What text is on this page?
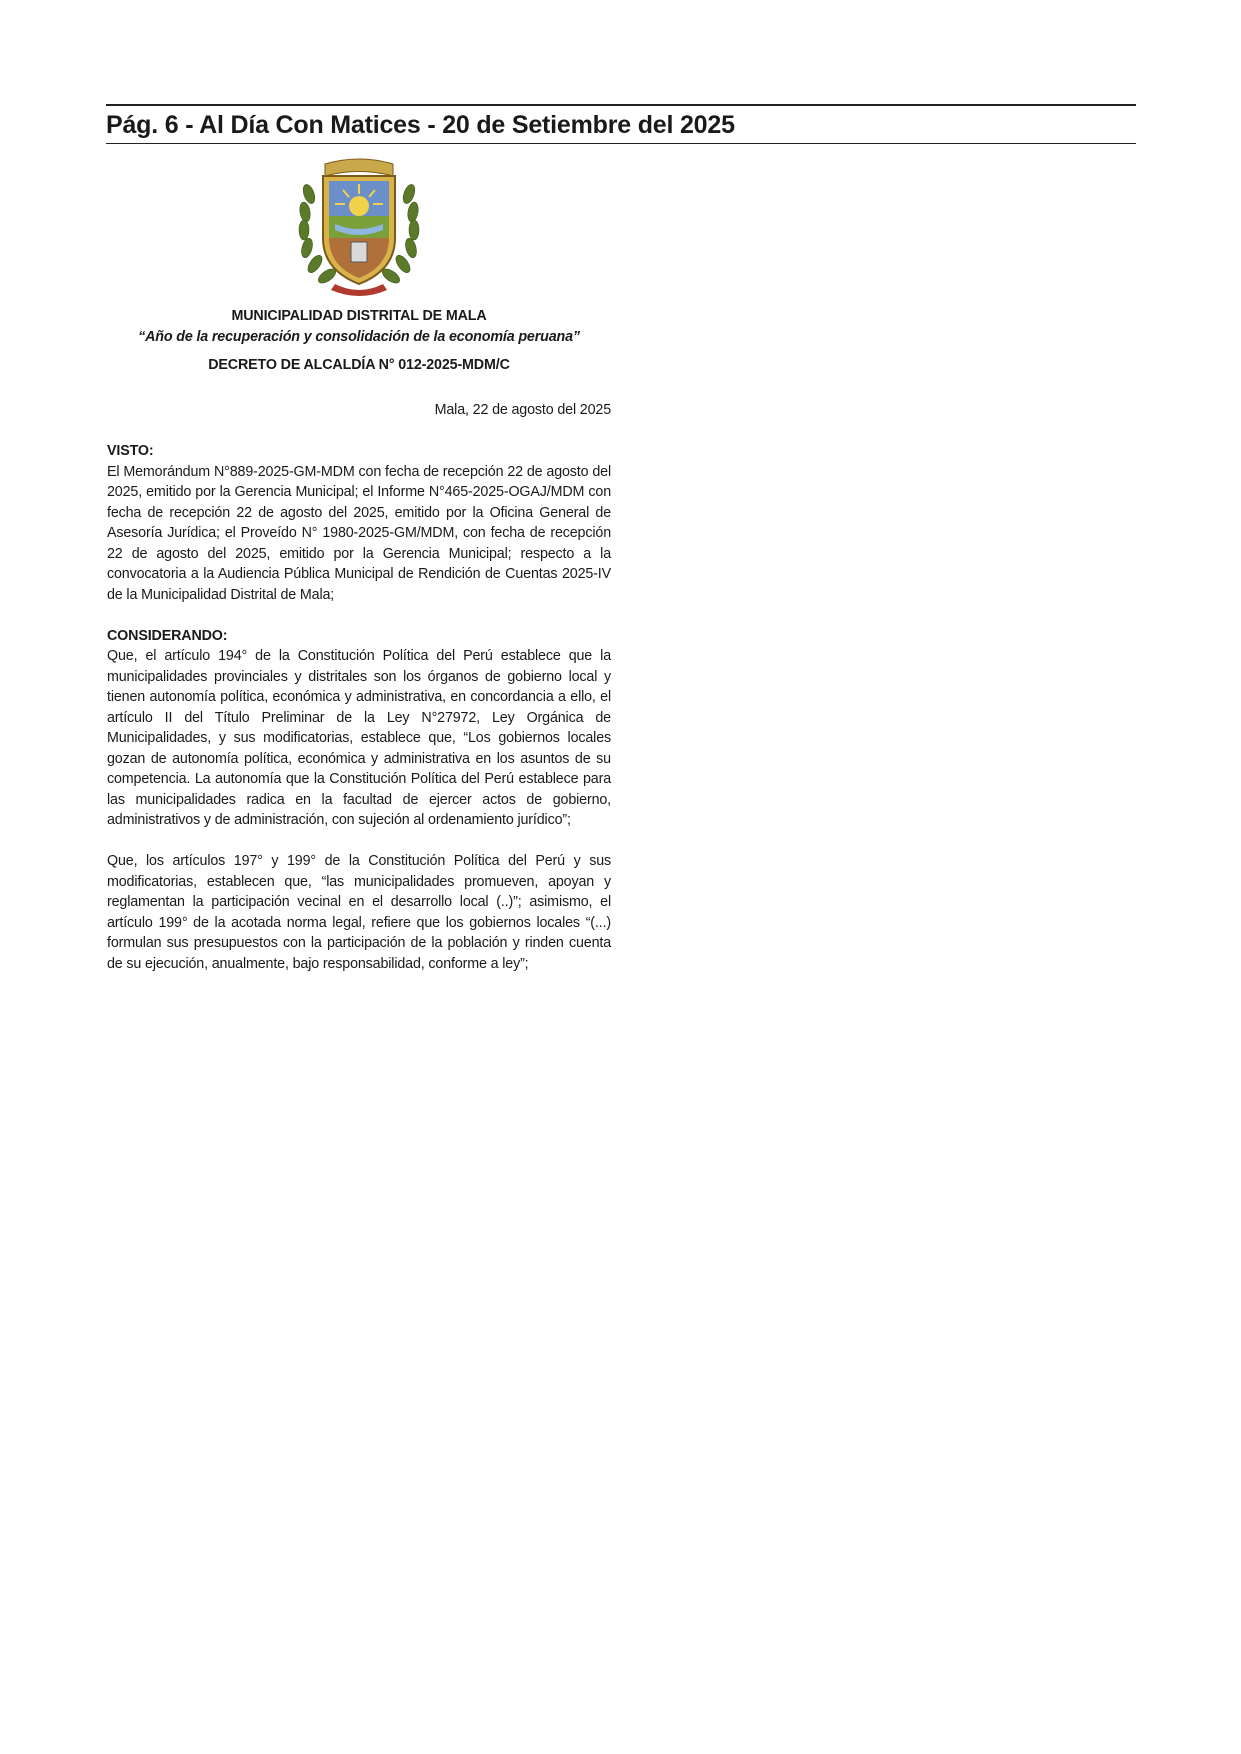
Pág. 6 - Al Día Con Matices - 20 de Setiembre del 2025

MUNICIPALIDAD DISTRITAL DE MALA

“Año de la recuperación y consolidación de la economía peruana”

DECRETO DE ALCALDÍA N° 012-2025-MDM/C

Mala, 22 de agosto del 2025

VISTO:

El Memorándum N°889-2025-GM-MDM con fecha de recepción 22 de agosto del 2025, emitido por la Gerencia Municipal; el Informe N°465-2025-OGAJ/MDM con fecha de recepción 22 de agosto del 2025, emitido por la Oficina General de Asesoría Jurídica; el Proveído N° 1980-2025-GM/MDM, con fecha de recepción 22 de agosto del 2025, emitido por la Gerencia Municipal; respecto a la convocatoria a la Audiencia Pública Municipal de Rendición de Cuentas 2025-IV de la Municipalidad Distrital de Mala;

CONSIDERANDO:

Que, el artículo 194° de la Constitución Política del Perú establece que la municipalidades provinciales y distritales son los órganos de gobierno local y tienen autonomía política, económica y administrativa, en concordancia a ello, el artículo II del Título Preliminar de la Ley N°27972, Ley Orgánica de Municipalidades, y sus modificatorias, establece que, “Los gobiernos locales gozan de autonomía política, económica y administrativa en los asuntos de su competencia. La autonomía que la Constitución Política del Perú establece para las municipalidades radica en la facultad de ejercer actos de gobierno, administrativos y de administración, con sujeción al ordenamiento jurídico”;

Que, los artículos 197° y 199° de la Constitución Política del Perú y sus modificatorias, establecen que, “las municipalidades promueven, apoyan y reglamentan la participación vecinal en el desarrollo local (..)”; asimismo, el artículo 199° de la acotada norma legal, refiere que los gobiernos locales “(...) formulan sus presupuestos con la participación de la población y rinden cuenta de su ejecución, anualmente, bajo responsabilidad, conforme a ley”;
